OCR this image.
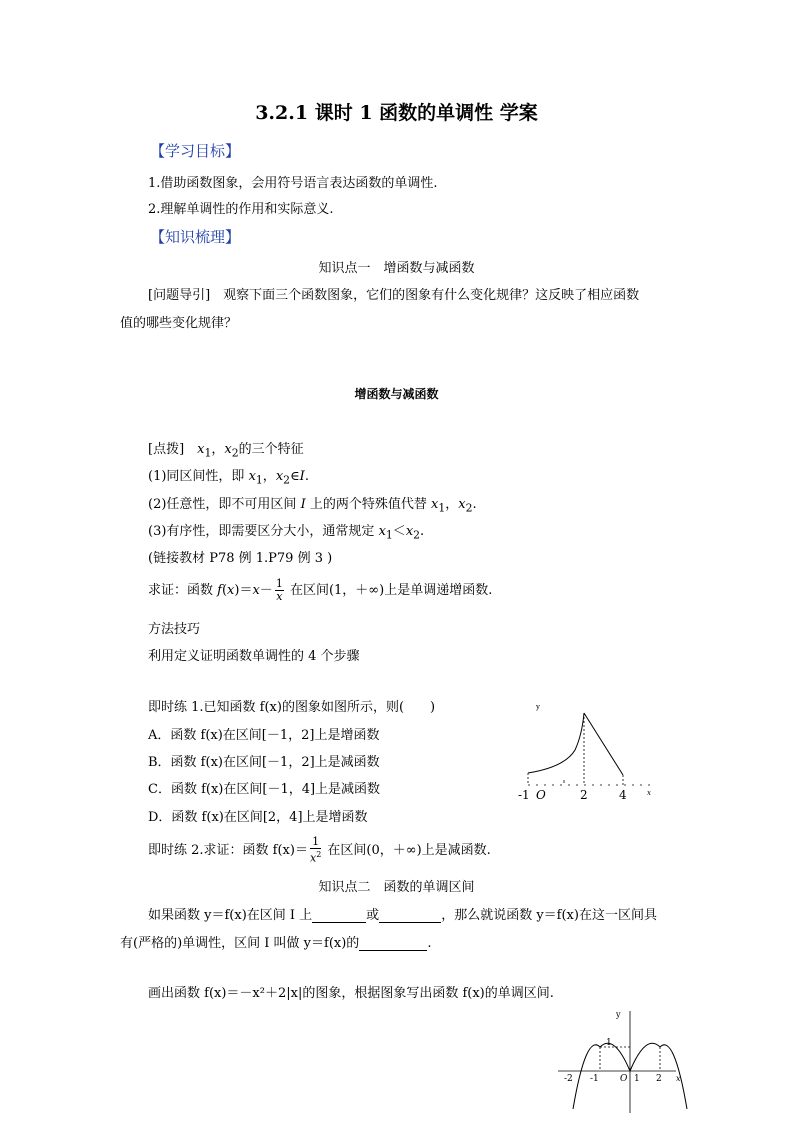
3.2.1 课时 1 函数的单调性 学案
【学习目标】
1.借助函数图象，会用符号语言表达函数的单调性.
2.理解单调性的作用和实际意义.
【知识梳理】
知识点一　增函数与减函数
[问题导引]　观察下面三个函数图象，它们的图象有什么变化规律？这反映了相应函数
值的哪些变化规律？
增函数与减函数
[点拨]　$x_1$，$x_2$的三个特征
(1)同区间性，即 $x_1$，$x_2\in I$.
(2)任意性，即不可用区间 I 上的两个特殊值代替 $x_1$，$x_2$.
(3)有序性，即需要区分大小，通常规定 $x_1<x_2$.
(链接教材 P78 例 1.P79 例 3 )
求证：函数 $f(x)=x- \frac{1}{x}$ 在区间(1，＋∞)上是单调递增函数.
方法技巧
利用定义证明函数单调性的 4 个步骤
即时练 1.已知函数 f(x)的图象如图所示，则(　　)
A．函数 f(x)在区间[－1，2]上是增函数
B．函数 f(x)在区间[－1，2]上是减函数
C．函数 f(x)在区间[－1，4]上是减函数
D．函数 f(x)在区间[2，4]上是增函数
y
x
-1 O	2	4
即时练 2.求证：函数 $f(x)= \frac{1}{x^2}$ 在区间(0，＋∞)上是减函数.
知识点二　函数的单调区间
如果函数 y＝f(x)在区间 I 上	或	，那么就说函数 y＝f(x)在这一区间具
有(严格的)单调性，区间 I 叫做 y＝f(x)的	.
画出函数 f(x)＝－x²＋2|x|的图象，根据图象写出函数 f(x)的单调区间.
y
x
1
-2 -1 O 1 2
